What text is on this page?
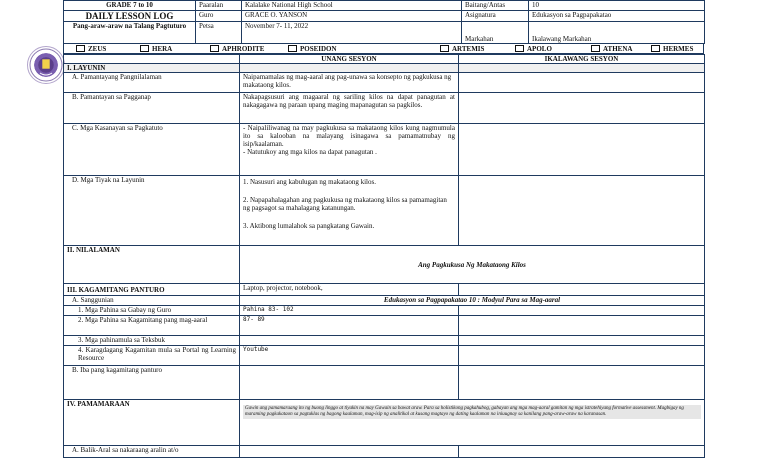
GRADE 7 to 10	Paaralan	Kalalake National High School	Baitang/Antas	10
DAILY LESSON LOG	Guro	GRACE O. YANSON	Asignatura	Edukasyon sa Pagpapakatao
Pang-araw-araw na Talang Pagtuturo	Petsa	November 7- 11, 2022	Markahan	Ikalawang Markahan
ZEUS	HERA	APHRODITE	POSEIDON	ARTEMIS	APOLO	ATHENA	HERMES
	UNANG SESYON	IKALAWANG SESYON
I. LAYUNIN		
A. Pamantayang Pangnilalaman	Naipamamalas ng mag-aaral ang pag-unawa sa konsepto ng pagkukusa ng makataong kilos.	
B. Pamantayan sa Pagganap	Nakapagsusuri ang magaaral ng sariling kilos na dapat panagutan at nakagagawa ng paraan upang maging mapanagutan sa pagkilos.	
C. Mga Kasanayan sa Pagkatuto	- Naipaliliwanag na may pagkukusa sa makataong kilos kung nagmumula ito sa kalooban na malayang isinagawa sa pamamatnubay ng isip/kaalaman.
- Natutukoy ang mga kilos na dapat panagutan .	

D. Mga Tiyak na Layunin	1. Nasusuri ang kabulugan ng makataong kilos.
2. Napapahalagahan ang pagkukusa ng makataong kilos sa pamamagitan ng pagsagot sa mahalagang katanungan.
3. Aktibong lumalahok sa pangkatang Gawain.	

II. NILALAMAN	Ang Pagkukusa Ng Makataong Kilos	
III. KAGAMITANG PANTURO	Laptop, projector, notebook,	
A. Sanggunian	Edukasyon sa Pagpapakatao 10 : Modyul Para sa Mag-aaral	
1. Mga Pahina sa Gabay ng Guro	Pahina 83- 102	
2. Mga Pahina sa Kagamitang pang mag-aaral	87- 89	
3. Mga pahinamula sa Teksbuk		
4. Karagdagang Kagamitan mula sa Portal ng Learning Resource	Youtube	
B. Iba pang kagamitang panturo		
IV. PAMAMARAAN	Gawin ang pamamaraang ito ng buong linggo at tiyakin na may Gawain sa bawat araw. Para sa holistikong pagkahubog, gabayan ang mga mag-aaral gamitan ng mga istratehiyang formative assessment. Magbigay ng maraming pagkakataon sa pagtuklas ng bagong kaalaman, mag-isip ng analitikal at kusang magtayo ng dating kaalaman na iniuugnay sa kanilang pang-araw-araw na karanasan.	

A. Balik-Aral sa nakaraang aralin at/o		
